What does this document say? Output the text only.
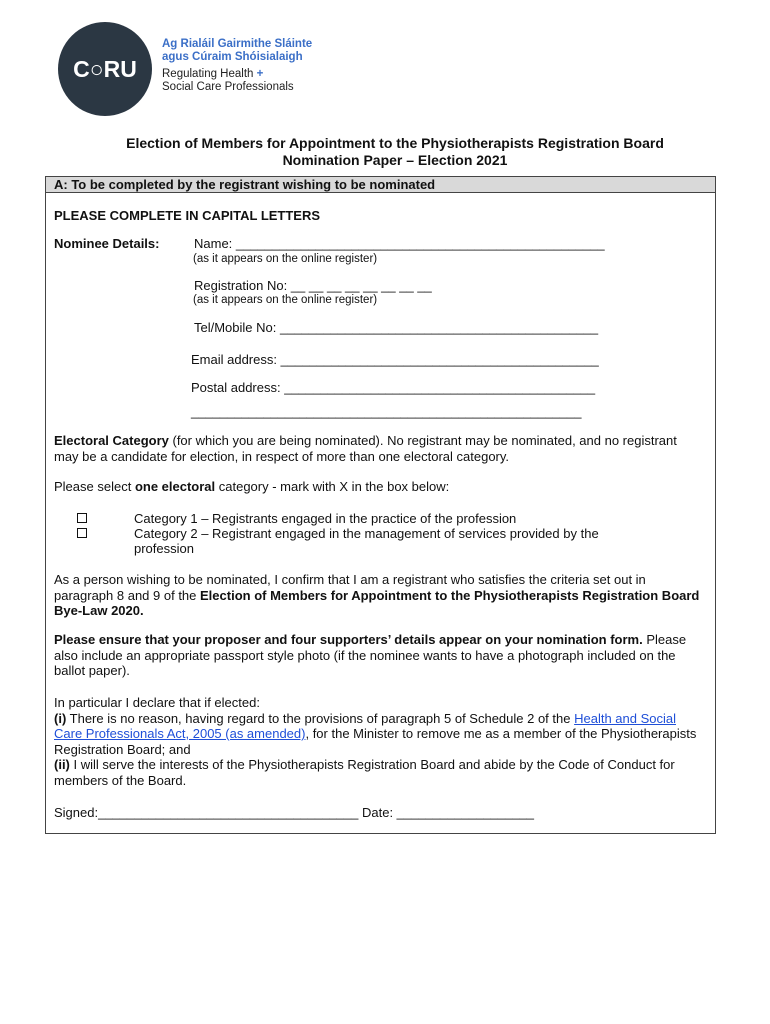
C○RU
Ag Rialáil Gairmithe Sláinte
agus Cúraim Shóisialaigh
Regulating Health +
Social Care Professionals
Election of Members for Appointment to the Physiotherapists Registration Board
Nomination Paper – Election 2021
A: To be completed by the registrant wishing to be nominated
PLEASE COMPLETE IN CAPITAL LETTERS
Nominee Details:	Name: ___________________________________________________
(as it appears on the online register)
Registration No: __ __ __ __ __ __ __ __
(as it appears on the online register)
Tel/Mobile No: ____________________________________________
Email address: ____________________________________________
Postal address: ___________________________________________
______________________________________________________
Electoral Category (for which you are being nominated). No registrant may be nominated, and no registrant may be a candidate for election, in respect of more than one electoral category.
Please select one electoral category - mark with X in the box below:
Category 1 – Registrants engaged in the practice of the profession
Category 2 – Registrant engaged in the management of services provided by the
profession
As a person wishing to be nominated, I confirm that I am a registrant who satisfies the criteria set out in paragraph 8 and 9 of the Election of Members for Appointment to the Physiotherapists Registration Board Bye-Law 2020.
Please ensure that your proposer and four supporters’ details appear on your nomination form. Please also include an appropriate passport style photo (if the nominee wants to have a photograph included on the ballot paper).
In particular I declare that if elected:
(i) There is no reason, having regard to the provisions of paragraph 5 of Schedule 2 of the Health and Social Care Professionals Act, 2005 (as amended), for the Minister to remove me as a member of the Physiotherapists Registration Board; and
(ii) I will serve the interests of the Physiotherapists Registration Board and abide by the Code of Conduct for members of the Board.
Signed:____________________________________ Date: ___________________
